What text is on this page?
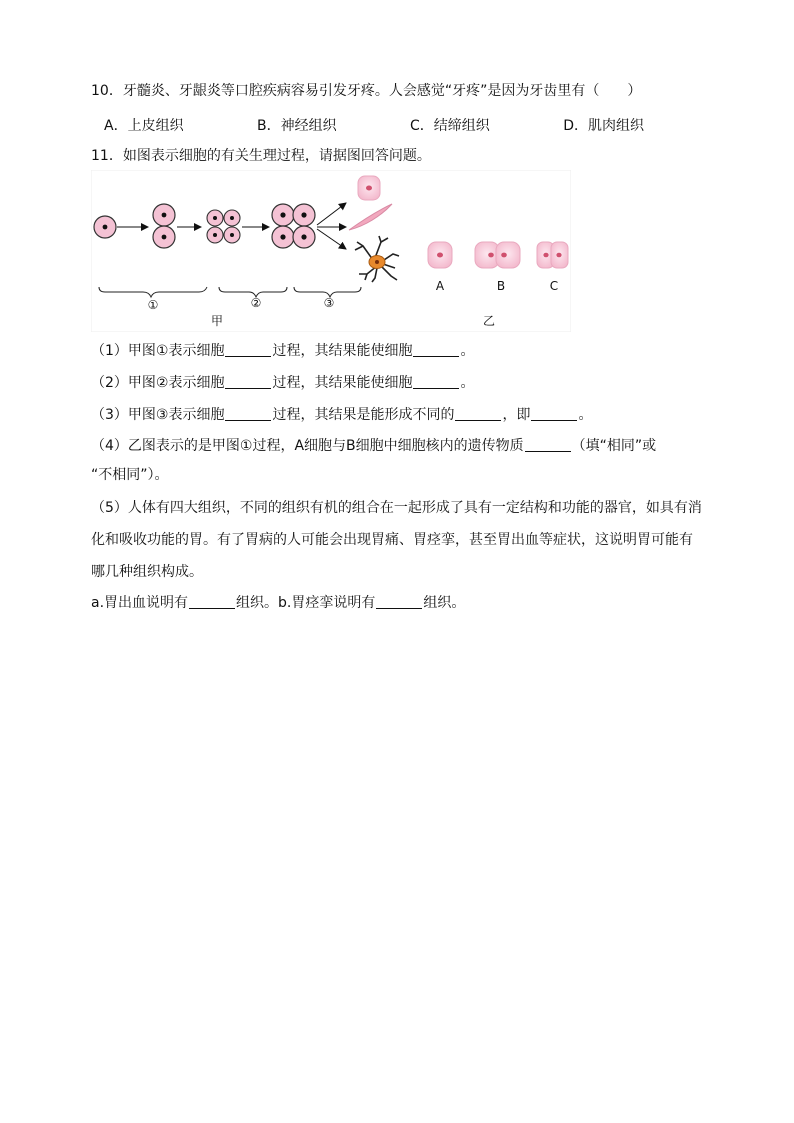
10．牙髓炎、牙龈炎等口腔疾病容易引发牙疼。人会感觉“牙疼”是因为牙齿里有（ ）
A．上皮组织	B．神经组织	C．结缔组织	D．肌肉组织
11．如图表示细胞的有关生理过程，请据图回答问题。
①	②	③
甲
A	B	C
乙
（1）甲图①表示细胞	过程，其结果能使细胞	。
（2）甲图②表示细胞	过程，其结果能使细胞	。
（3）甲图③表示细胞	过程，其结果是能形成不同的	，即	。
（4）乙图表示的是甲图①过程，A细胞与B细胞中细胞核内的遗传物质	（填“相同”或
“不相同”）。
（5）人体有四大组织，不同的组织有机的组合在一起形成了具有一定结构和功能的器官，如具有消
化和吸收功能的胃。有了胃病的人可能会出现胃痛、胃痉挛，甚至胃出血等症状，这说明胃可能有
哪几种组织构成。
a.胃出血说明有	组织。b.胃痉挛说明有	组织。
